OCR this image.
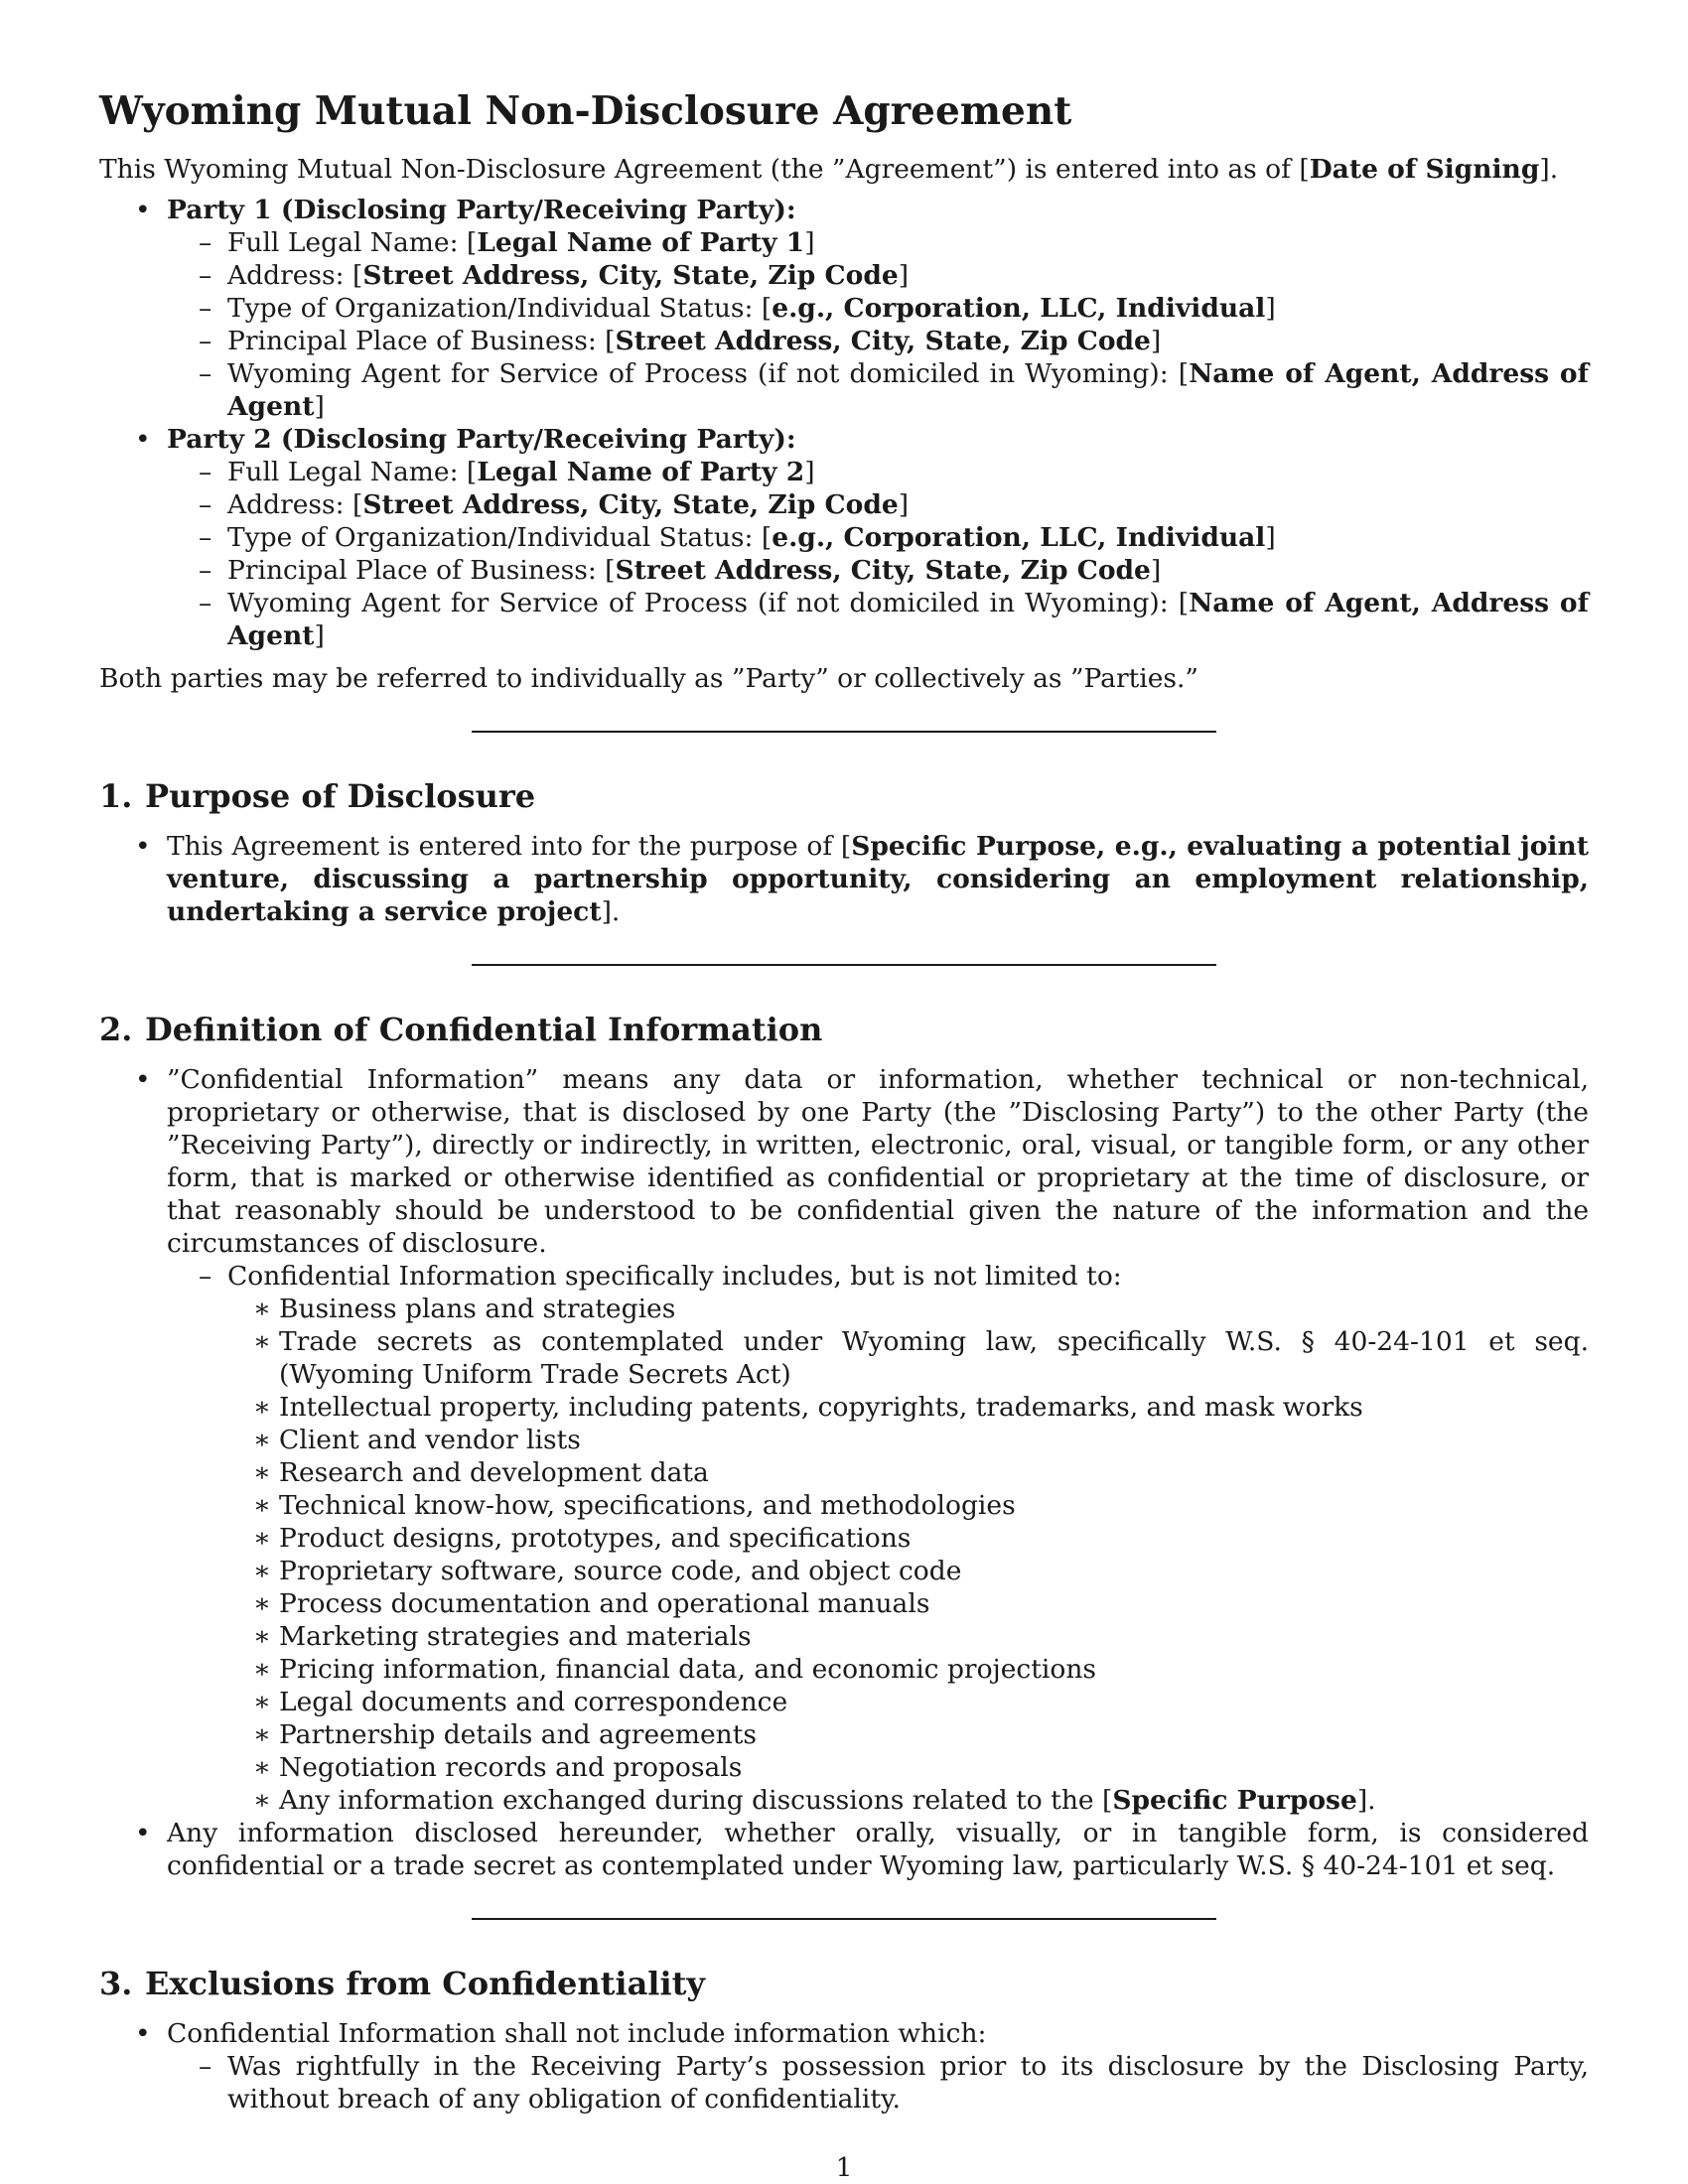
Wyoming Mutual Non-Disclosure Agreement

This Wyoming Mutual Non-Disclosure Agreement (the ”Agreement”) is entered into as of [Date of Signing].

• Party 1 (Disclosing Party/Receiving Party):
– Full Legal Name: [Legal Name of Party 1]
– Address: [Street Address, City, State, Zip Code]
– Type of Organization/Individual Status: [e.g., Corporation, LLC, Individual]
– Principal Place of Business: [Street Address, City, State, Zip Code]
– Wyoming Agent for Service of Process (if not domiciled in Wyoming): [Name of Agent, Address of Agent]
• Party 2 (Disclosing Party/Receiving Party):
– Full Legal Name: [Legal Name of Party 2]
– Address: [Street Address, City, State, Zip Code]
– Type of Organization/Individual Status: [e.g., Corporation, LLC, Individual]
– Principal Place of Business: [Street Address, City, State, Zip Code]
– Wyoming Agent for Service of Process (if not domiciled in Wyoming): [Name of Agent, Address of Agent]

Both parties may be referred to individually as ”Party” or collectively as ”Parties.”

1. Purpose of Disclosure
• This Agreement is entered into for the purpose of [Specific Purpose, e.g., evaluating a potential joint venture, discussing a partnership opportunity, considering an employment relationship, undertaking a service project].
2. Definition of Confidential Information
• ”Confidential Information” means any data or information, whether technical or non-technical, proprietary or otherwise, that is disclosed by one Party (the ”Disclosing Party”) to the other Party (the ”Receiving Party”), directly or indirectly, in written, electronic, oral, visual, or tangible form, or any other form, that is marked or otherwise identified as confidential or proprietary at the time of disclosure, or that reasonably should be understood to be confidential given the nature of the information and the circumstances of disclosure.
– Confidential Information specifically includes, but is not limited to:
∗ Business plans and strategies
∗ Trade secrets as contemplated under Wyoming law, specifically W.S. § 40-24-101 et seq. (Wyoming Uniform Trade Secrets Act)
∗ Intellectual property, including patents, copyrights, trademarks, and mask works
∗ Client and vendor lists
∗ Research and development data
∗ Technical know-how, specifications, and methodologies
∗ Product designs, prototypes, and specifications
∗ Proprietary software, source code, and object code
∗ Process documentation and operational manuals
∗ Marketing strategies and materials
∗ Pricing information, financial data, and economic projections
∗ Legal documents and correspondence
∗ Partnership details and agreements
∗ Negotiation records and proposals
∗ Any information exchanged during discussions related to the [Specific Purpose].
• Any information disclosed hereunder, whether orally, visually, or in tangible form, is considered confidential or a trade secret as contemplated under Wyoming law, particularly W.S. § 40-24-101 et seq.
3. Exclusions from Confidentiality
• Confidential Information shall not include information which:
– Was rightfully in the Receiving Party’s possession prior to its disclosure by the Disclosing Party, without breach of any obligation of confidentiality.
1
